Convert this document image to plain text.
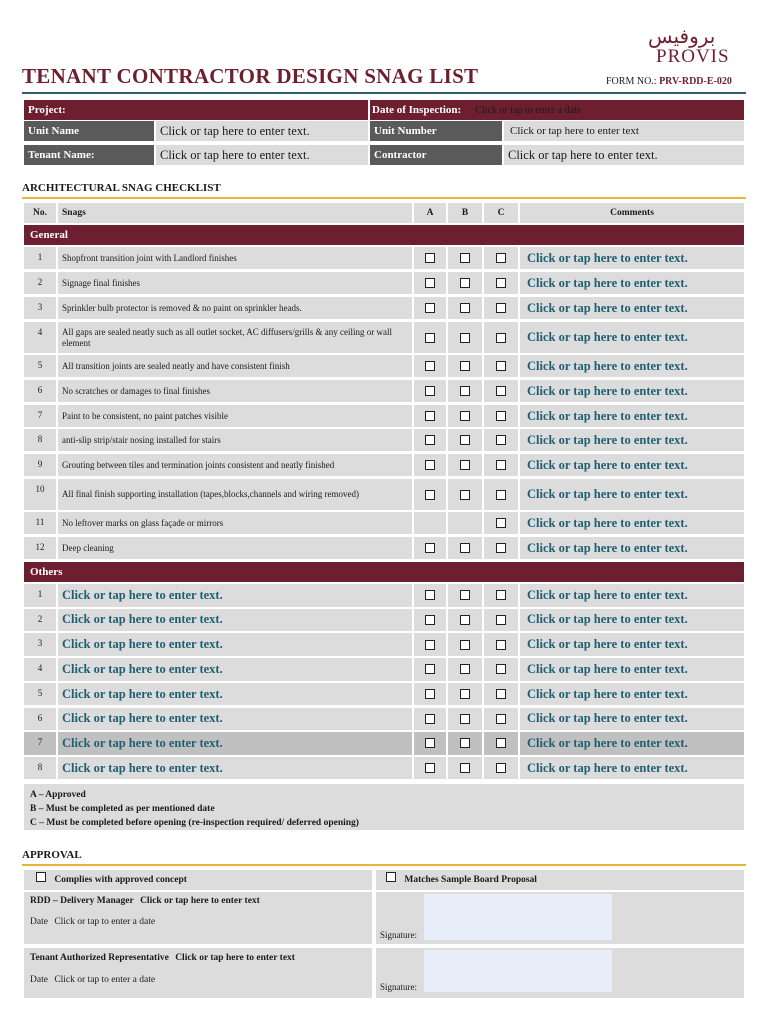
بروفيس
PROVIS
TENANT CONTRACTOR DESIGN SNAG LIST	FORM NO.: PRV-RDD-E-020
Project:	Date of Inspection: Click or tap to enter a date
Unit Name	Click or tap here to enter text.	Unit Number	Click or tap here to enter text
Tenant Name:	Click or tap here to enter text.	Contractor	Click or tap here to enter text.
ARCHITECTURAL SNAG CHECKLIST
No.	Snags	A	B	C	Comments
General
1	Shopfront transition joint with Landlord finishes	Click or tap here to enter text.
2	Signage final finishes	Click or tap here to enter text.
3	Sprinkler bulb protector is removed & no paint on sprinkler heads.	Click or tap here to enter text.
4	All gaps are sealed neatly such as all outlet socket, AC diffusers/grills & any ceiling or wall element	Click or tap here to enter text.
5	All transition joints are sealed neatly and have consistent finish	Click or tap here to enter text.
6	No scratches or damages to final finishes	Click or tap here to enter text.
7	Paint to be consistent, no paint patches visible	Click or tap here to enter text.
8	anti-slip strip/stair nosing installed for stairs	Click or tap here to enter text.
9	Grouting between tiles and termination joints consistent and neatly finished	Click or tap here to enter text.
10	All final finish supporting installation (tapes,blocks,channels and wiring removed)	Click or tap here to enter text.
11	No leftover marks on glass façade or mirrors	Click or tap here to enter text.
12	Deep cleaning	Click or tap here to enter text.
Others
1	Click or tap here to enter text.	Click or tap here to enter text.
2	Click or tap here to enter text.	Click or tap here to enter text.
3	Click or tap here to enter text.	Click or tap here to enter text.
4	Click or tap here to enter text.	Click or tap here to enter text.
5	Click or tap here to enter text.	Click or tap here to enter text.
6	Click or tap here to enter text.	Click or tap here to enter text.
7	Click or tap here to enter text.	Click or tap here to enter text.
8	Click or tap here to enter text.	Click or tap here to enter text.
A – Approved
B – Must be completed as per mentioned date
C – Must be completed before opening (re-inspection required/ deferred opening)
APPROVAL
Complies with approved concept	Matches Sample Board Proposal
RDD – Delivery Manager Click or tap here to enter text
Date Click or tap to enter a date
Signature:
Tenant Authorized Representative Click or tap here to enter text
Date Click or tap to enter a date
Signature:
